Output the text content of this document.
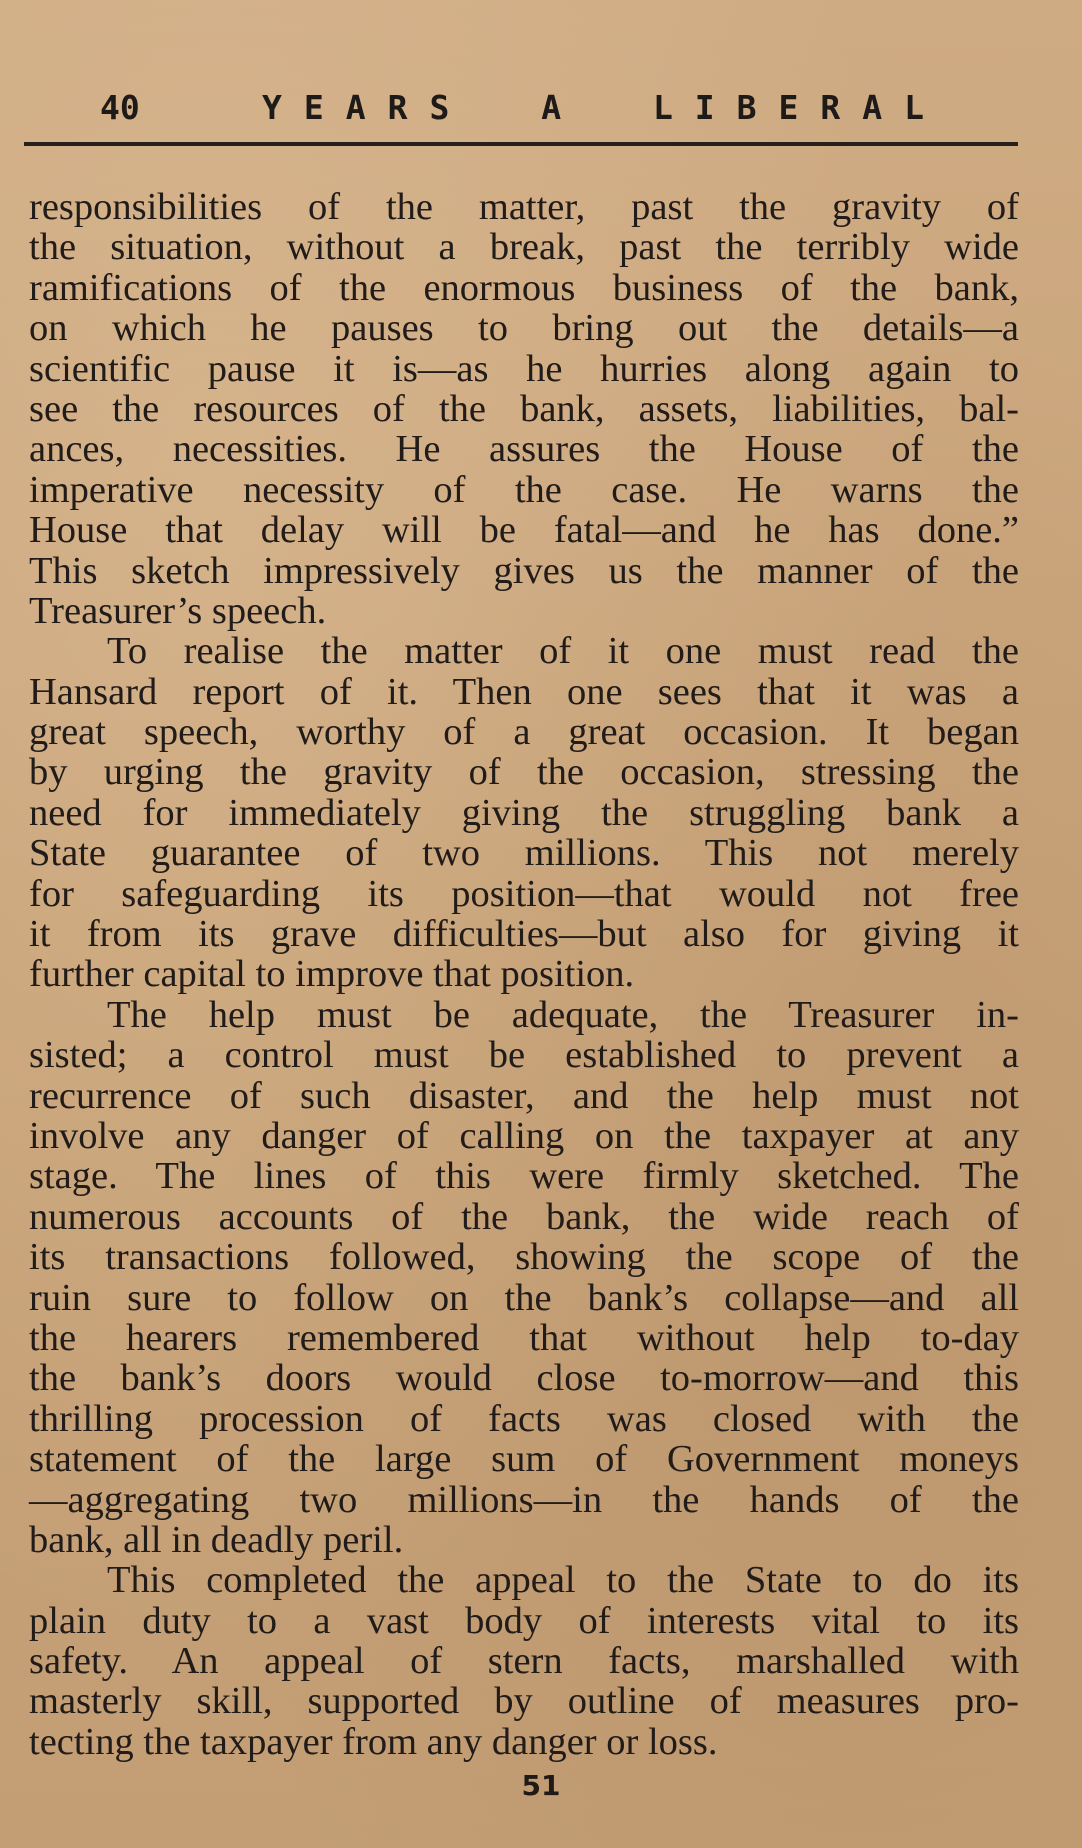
40	YEARS A LIBERAL
responsibilities of the matter, past the gravity of
the situation, without a break, past the terribly wide
ramifications of the enormous business of the bank,
on which he pauses to bring out the details—a
scientific pause it is—as he hurries along again to
see the resources of the bank, assets, liabilities, bal-
ances, necessities. He assures the House of the
imperative necessity of the case. He warns the
House that delay will be fatal—and he has done.”
This sketch impressively gives us the manner of the
Treasurer’s speech.
To realise the matter of it one must read the
Hansard report of it. Then one sees that it was a
great speech, worthy of a great occasion. It began
by urging the gravity of the occasion, stressing the
need for immediately giving the struggling bank a
State guarantee of two millions. This not merely
for safeguarding its position—that would not free
it from its grave difficulties—but also for giving it
further capital to improve that position.
The help must be adequate, the Treasurer in-
sisted; a control must be established to prevent a
recurrence of such disaster, and the help must not
involve any danger of calling on the taxpayer at any
stage. The lines of this were firmly sketched. The
numerous accounts of the bank, the wide reach of
its transactions followed, showing the scope of the
ruin sure to follow on the bank’s collapse—and all
the hearers remembered that without help to-day
the bank’s doors would close to-morrow—and this
thrilling procession of facts was closed with the
statement of the large sum of Government moneys
—aggregating two millions—in the hands of the
bank, all in deadly peril.
This completed the appeal to the State to do its
plain duty to a vast body of interests vital to its
safety. An appeal of stern facts, marshalled with
masterly skill, supported by outline of measures pro-
tecting the taxpayer from any danger or loss.
51
